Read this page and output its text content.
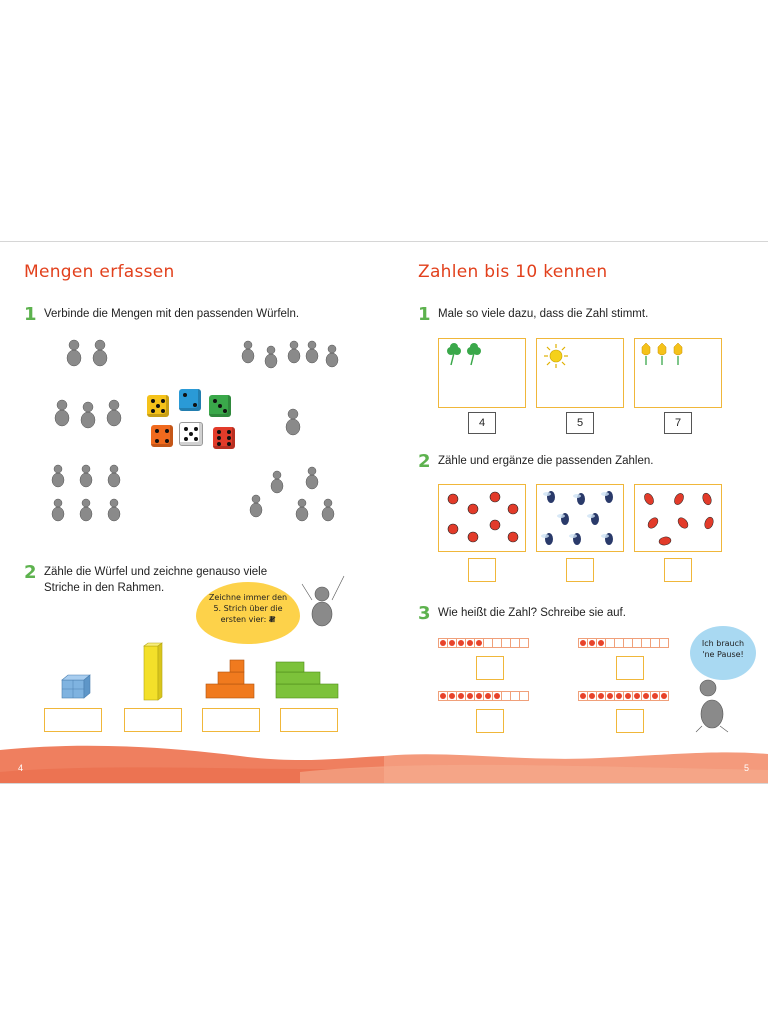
Mengen erfassen
1 Verbinde die Mengen mit den passenden Würfeln.
2 Zähle die Würfel und zeichne genauso viele Striche in den Rahmen.
Zeichne immer den
5. Strich über die
ersten vier: 𝍸
Zahlen bis 10 kennen
1 Male so viele dazu, dass die Zahl stimmt.
4	5	7
2 Zähle und ergänze die passenden Zahlen.
3 Wie heißt die Zahl? Schreibe sie auf.
Ich brauch
'ne Pause!
4	5
